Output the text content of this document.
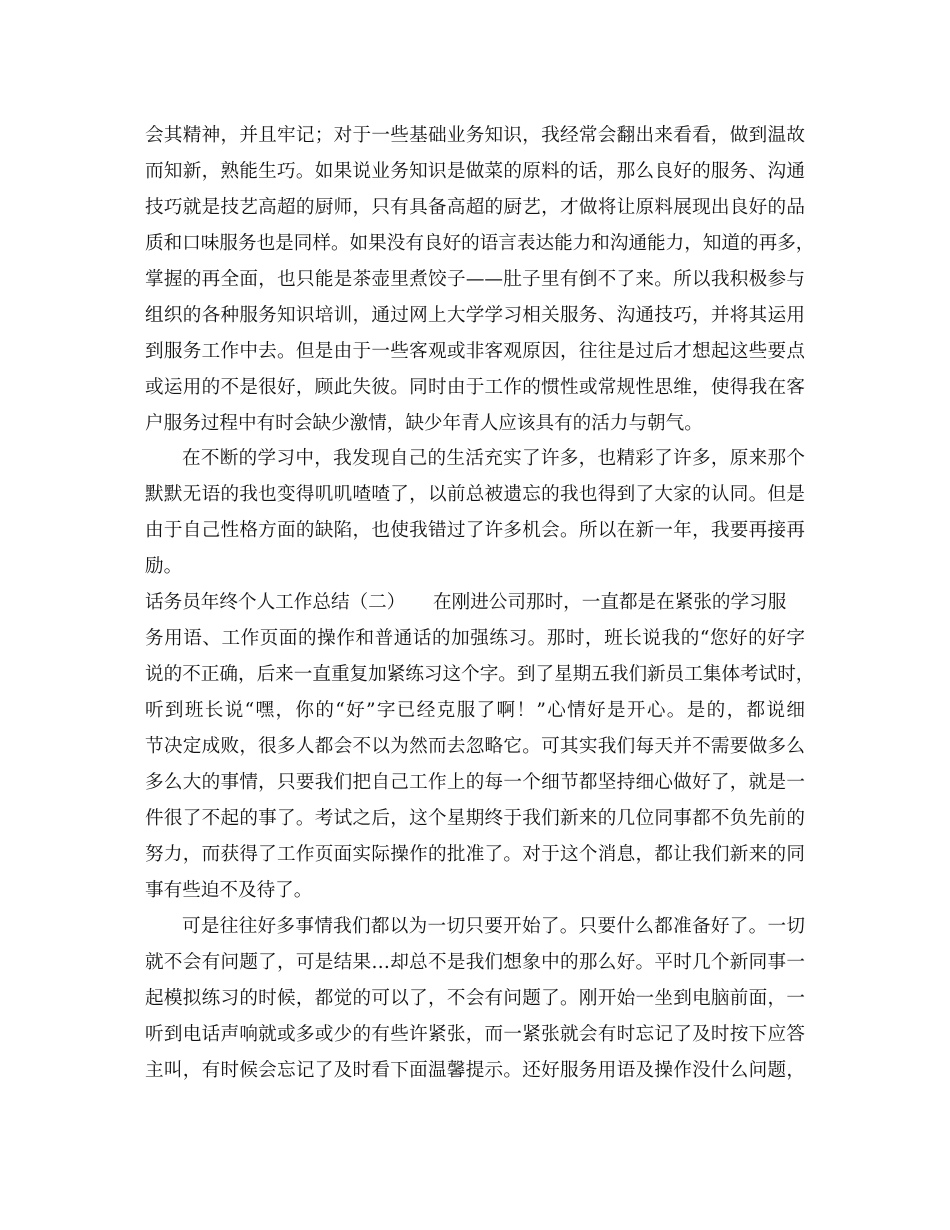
会其精神，并且牢记；对于一些基础业务知识，我经常会翻出来看看，做到温故
而知新，熟能生巧。如果说业务知识是做菜的原料的话，那么良好的服务、沟通
技巧就是技艺高超的厨师，只有具备高超的厨艺，才做将让原料展现出良好的品
质和口味服务也是同样。如果没有良好的语言表达能力和沟通能力，知道的再多，
掌握的再全面，也只能是茶壶里煮饺子——肚子里有倒不了来。所以我积极参与
组织的各种服务知识培训，通过网上大学学习相关服务、沟通技巧，并将其运用
到服务工作中去。但是由于一些客观或非客观原因，往往是过后才想起这些要点
或运用的不是很好，顾此失彼。同时由于工作的惯性或常规性思维，使得我在客
户服务过程中有时会缺少激情，缺少年青人应该具有的活力与朝气。
在不断的学习中，我发现自己的生活充实了许多，也精彩了许多，原来那个
默默无语的我也变得叽叽喳喳了，以前总被遗忘的我也得到了大家的认同。但是
由于自己性格方面的缺陷，也使我错过了许多机会。所以在新一年，我要再接再
励。
话务员年终个人工作总结（二） 在刚进公司那时，一直都是在紧张的学习服
务用语、工作页面的操作和普通话的加强练习。那时，班长说我的“您好的好字
说的不正确，后来一直重复加紧练习这个字。到了星期五我们新员工集体考试时，
听到班长说“嘿，你的“好”字已经克服了啊！”心情好是开心。是的，都说细
节决定成败，很多人都会不以为然而去忽略它。可其实我们每天并不需要做多么
多么大的事情，只要我们把自己工作上的每一个细节都坚持细心做好了，就是一
件很了不起的事了。考试之后，这个星期终于我们新来的几位同事都不负先前的
努力，而获得了工作页面实际操作的批准了。对于这个消息，都让我们新来的同
事有些迫不及待了。
可是往往好多事情我们都以为一切只要开始了。只要什么都准备好了。一切
就不会有问题了，可是结果…却总不是我们想象中的那么好。平时几个新同事一
起模拟练习的时候，都觉的可以了，不会有问题了。刚开始一坐到电脑前面，一
听到电话声响就或多或少的有些许紧张，而一紧张就会有时忘记了及时按下应答
主叫，有时候会忘记了及时看下面温馨提示。还好服务用语及操作没什么问题，
